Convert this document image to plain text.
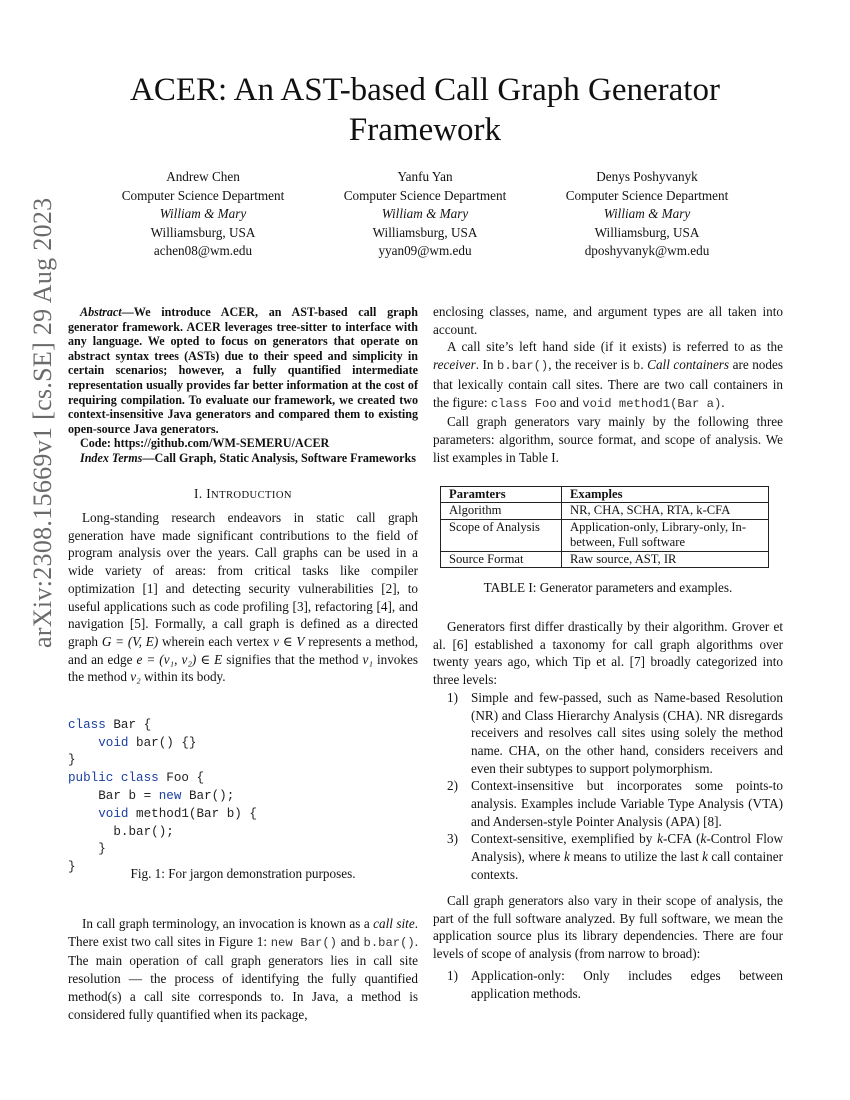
arXiv:2308.15669v1 [cs.SE] 29 Aug 2023
ACER: An AST-based Call Graph Generator
Framework
Andrew Chen
Computer Science Department
William & Mary
Williamsburg, USA
achen08@wm.edu
Yanfu Yan
Computer Science Department
William & Mary
Williamsburg, USA
yyan09@wm.edu
Denys Poshyvanyk
Computer Science Department
William & Mary
Williamsburg, USA
dposhyvanyk@wm.edu

Abstract—We introduce ACER, an AST-based call graph generator framework. ACER leverages tree-sitter to interface with any language. We opted to focus on generators that operate on abstract syntax trees (ASTs) due to their speed and simplicity in certain scenarios; however, a fully quantified intermediate representation usually provides far better information at the cost of requiring compilation. To evaluate our framework, we created two context-insensitive Java generators and compared them to existing open-source Java generators.

Code: https://github.com/WM-SEMERU/ACER

Index Terms—Call Graph, Static Analysis, Software Frameworks

I. INTRODUCTION

Long-standing research endeavors in static call graph generation have made significant contributions to the field of program analysis over the years. Call graphs can be used in a wide variety of areas: from critical tasks like compiler optimization [1] and detecting security vulnerabilities [2], to useful applications such as code profiling [3], refactoring [4], and navigation [5]. Formally, a call graph is defined as a directed graph G = (V, E) wherein each vertex v ∈ V represents a method, and an edge e = (v₁, v₂) ∈ E signifies that the method v₁ invokes the method v₂ within its body.

class Bar {
void bar() {}
}
public class Foo {
Bar b = new Bar();
void method1(Bar b) {
b.bar();
}
}	Fig. 1: For jargon demonstration purposes.

In call graph terminology, an invocation is known as a call site. There exist two call sites in Figure 1: new Bar() and b.bar(). The main operation of call graph generators lies in call site resolution — the process of identifying the fully quantified method(s) a call site corresponds to. In Java, a method is considered fully quantified when its package,

enclosing classes, name, and argument types are all taken into account.

A call site’s left hand side (if it exists) is referred to as the receiver. In b.bar(), the receiver is b. Call containers are nodes that lexically contain call sites. There are two call containers in the figure: class Foo and void method1(Bar a).

Call graph generators vary mainly by the following three parameters: algorithm, source format, and scope of analysis. We list examples in Table I.

Paramters	Examples
Algorithm	NR, CHA, SCHA, RTA, k-CFA
Scope of Analysis	Application-only, Library-only, In-between, Full software
Source Format	Raw source, AST, IR
TABLE I: Generator parameters and examples.

Generators first differ drastically by their algorithm. Grover et al. [6] established a taxonomy for call graph algorithms over twenty years ago, which Tip et al. [7] broadly categorized into three levels:

1) Simple and few-passed, such as Name-based Resolution (NR) and Class Hierarchy Analysis (CHA). NR disregards receivers and resolves call sites using solely the method name. CHA, on the other hand, considers receivers and even their subtypes to support polymorphism.
2) Context-insensitive but incorporates some points-to analysis. Examples include Variable Type Analysis (VTA) and Andersen-style Pointer Analysis (APA) [8].
3) Context-sensitive, exemplified by k-CFA (k-Control Flow Analysis), where k means to utilize the last k call container contexts.

Call graph generators also vary in their scope of analysis, the part of the full software analyzed. By full software, we mean the application source plus its library dependencies. There are four levels of scope of analysis (from narrow to broad):

1) Application-only: Only includes edges between application methods.
